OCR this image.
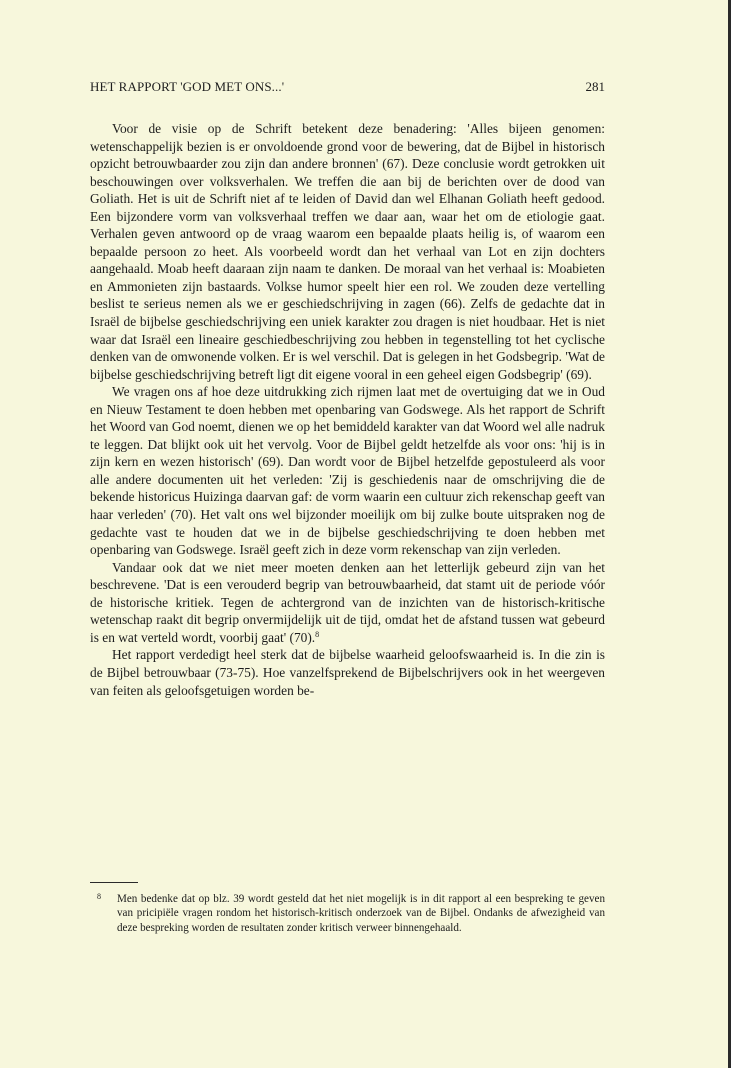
HET RAPPORT 'GOD MET ONS...'	281

Voor de visie op de Schrift betekent deze benadering: 'Alles bijeen genomen: wetenschappelijk bezien is er onvoldoende grond voor de bewering, dat de Bijbel in historisch opzicht betrouwbaarder zou zijn dan andere bronnen' (67). Deze conclusie wordt getrokken uit beschouwingen over volksverhalen. We treffen die aan bij de berichten over de dood van Goliath. Het is uit de Schrift niet af te leiden of David dan wel Elhanan Goliath heeft gedood. Een bijzondere vorm van volksverhaal treffen we daar aan, waar het om de etiologie gaat. Verhalen geven antwoord op de vraag waarom een bepaalde plaats heilig is, of waarom een bepaalde persoon zo heet. Als voorbeeld wordt dan het verhaal van Lot en zijn dochters aangehaald. Moab heeft daaraan zijn naam te danken. De moraal van het verhaal is: Moabieten en Ammonieten zijn bastaards. Volkse humor speelt hier een rol. We zouden deze vertelling beslist te serieus nemen als we er geschiedschrijving in zagen (66). Zelfs de gedachte dat in Israël de bijbelse geschiedschrijving een uniek karakter zou dragen is niet houdbaar. Het is niet waar dat Israël een lineaire geschiedbeschrijving zou hebben in tegenstelling tot het cyclische denken van de omwonende volken. Er is wel verschil. Dat is gelegen in het Godsbegrip. 'Wat de bijbelse geschiedschrijving betreft ligt dit eigene vooral in een geheel eigen Godsbegrip' (69).

We vragen ons af hoe deze uitdrukking zich rijmen laat met de overtuiging dat we in Oud en Nieuw Testament te doen hebben met openbaring van Godswege. Als het rapport de Schrift het Woord van God noemt, dienen we op het bemiddeld karakter van dat Woord wel alle nadruk te leggen. Dat blijkt ook uit het vervolg. Voor de Bijbel geldt hetzelfde als voor ons: 'hij is in zijn kern en wezen historisch' (69). Dan wordt voor de Bijbel hetzelfde gepostuleerd als voor alle andere documenten uit het verleden: 'Zij is geschiedenis naar de omschrijving die de bekende historicus Huizinga daarvan gaf: de vorm waarin een cultuur zich rekenschap geeft van haar verleden' (70). Het valt ons wel bijzonder moeilijk om bij zulke boute uitspraken nog de gedachte vast te houden dat we in de bijbelse geschiedschrijving te doen hebben met openbaring van Godswege. Israël geeft zich in deze vorm rekenschap van zijn verleden.

Vandaar ook dat we niet meer moeten denken aan het letterlijk gebeurd zijn van het beschrevene. 'Dat is een verouderd begrip van betrouwbaarheid, dat stamt uit de periode vóór de historische kritiek. Tegen de achtergrond van de inzichten van de historisch-kritische wetenschap raakt dit begrip onvermijdelijk uit de tijd, omdat het de afstand tussen wat gebeurd is en wat verteld wordt, voorbij gaat' (70).$^8$

Het rapport verdedigt heel sterk dat de bijbelse waarheid geloofswaarheid is. In die zin is de Bijbel betrouwbaar (73-75). Hoe vanzelfsprekend de Bijbelschrijvers ook in het weergeven van feiten als geloofsgetuigen worden be-

8 Men bedenke dat op blz. 39 wordt gesteld dat het niet mogelijk is in dit rapport al een bespreking te geven van pricipiële vragen rondom het historisch-kritisch onderzoek van de Bijbel. Ondanks de afwezigheid van deze bespreking worden de resultaten zonder kritisch verweer binnengehaald.
